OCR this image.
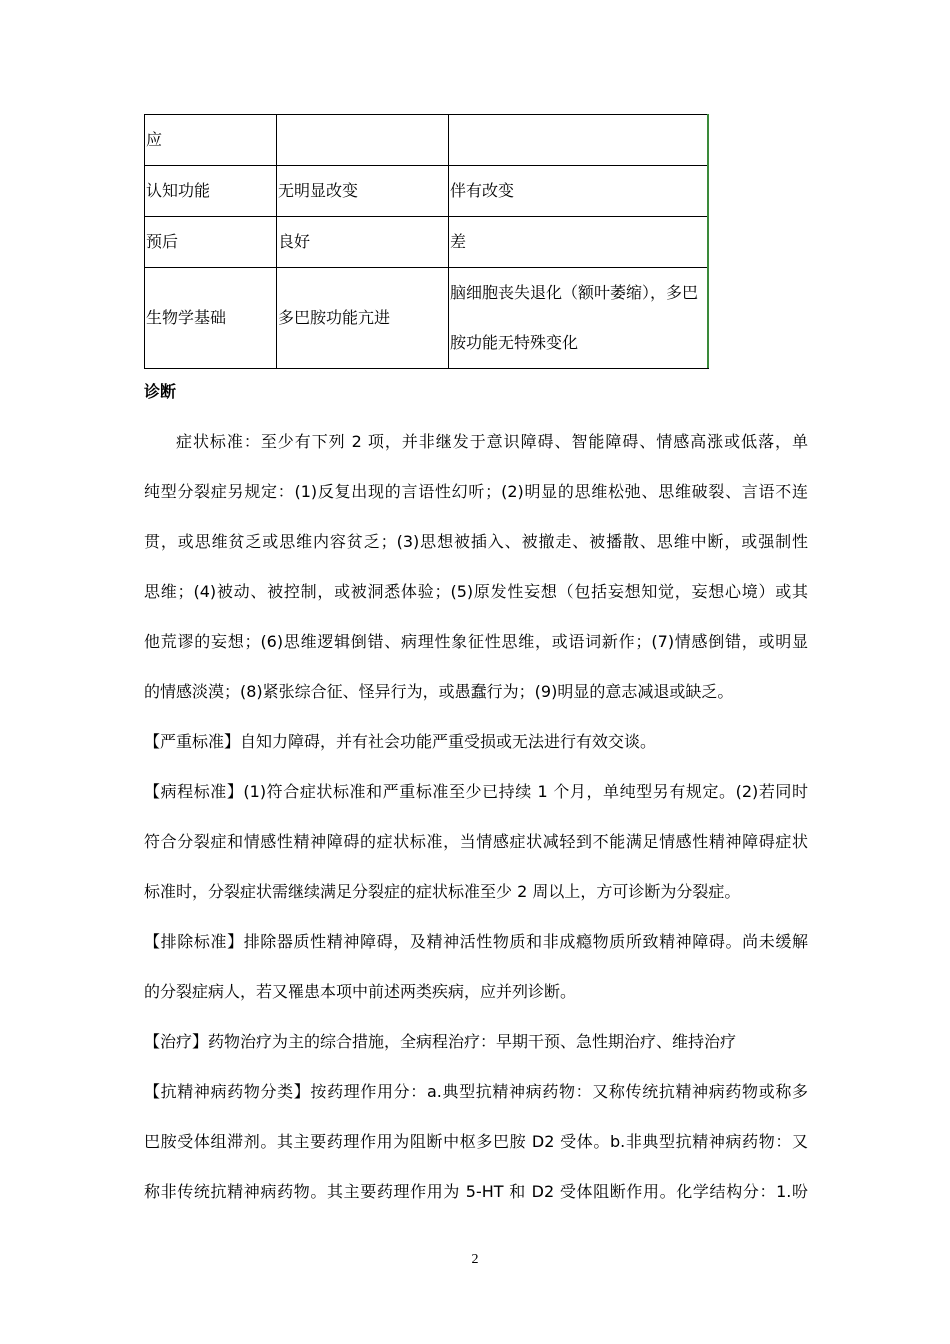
应		
认知功能	无明显改变	伴有改变
预后	良好	差
生物学基础	多巴胺功能亢进	脑细胞丧失退化（额叶萎缩），多巴
胺功能无特殊变化
诊断
症状标准：至少有下列 2 项，并非继发于意识障碍、智能障碍、情感高涨或低落，单
纯型分裂症另规定：(1)反复出现的言语性幻听；(2)明显的思维松弛、思维破裂、言语不连
贯，或思维贫乏或思维内容贫乏；(3)思想被插入、被撤走、被播散、思维中断，或强制性
思维；(4)被动、被控制，或被洞悉体验；(5)原发性妄想（包括妄想知觉，妄想心境）或其
他荒谬的妄想；(6)思维逻辑倒错、病理性象征性思维，或语词新作；(7)情感倒错，或明显
的情感淡漠；(8)紧张综合征、怪异行为，或愚蠢行为；(9)明显的意志减退或缺乏。
【严重标准】自知力障碍，并有社会功能严重受损或无法进行有效交谈。
【病程标准】(1)符合症状标准和严重标准至少已持续 1 个月，单纯型另有规定。(2)若同时
符合分裂症和情感性精神障碍的症状标准，当情感症状减轻到不能满足情感性精神障碍症状
标准时，分裂症状需继续满足分裂症的症状标准至少 2 周以上，方可诊断为分裂症。
【排除标准】排除器质性精神障碍，及精神活性物质和非成瘾物质所致精神障碍。尚未缓解
的分裂症病人，若又罹患本项中前述两类疾病，应并列诊断。
【治疗】药物治疗为主的综合措施，全病程治疗：早期干预、急性期治疗、维持治疗
【抗精神病药物分类】按药理作用分：a.典型抗精神病药物：又称传统抗精神病药物或称多
巴胺受体组滞剂。其主要药理作用为阻断中枢多巴胺 D2 受体。b.非典型抗精神病药物：又
称非传统抗精神病药物。其主要药理作用为 5-HT 和 D2 受体阻断作用。化学结构分：1.吩
2
